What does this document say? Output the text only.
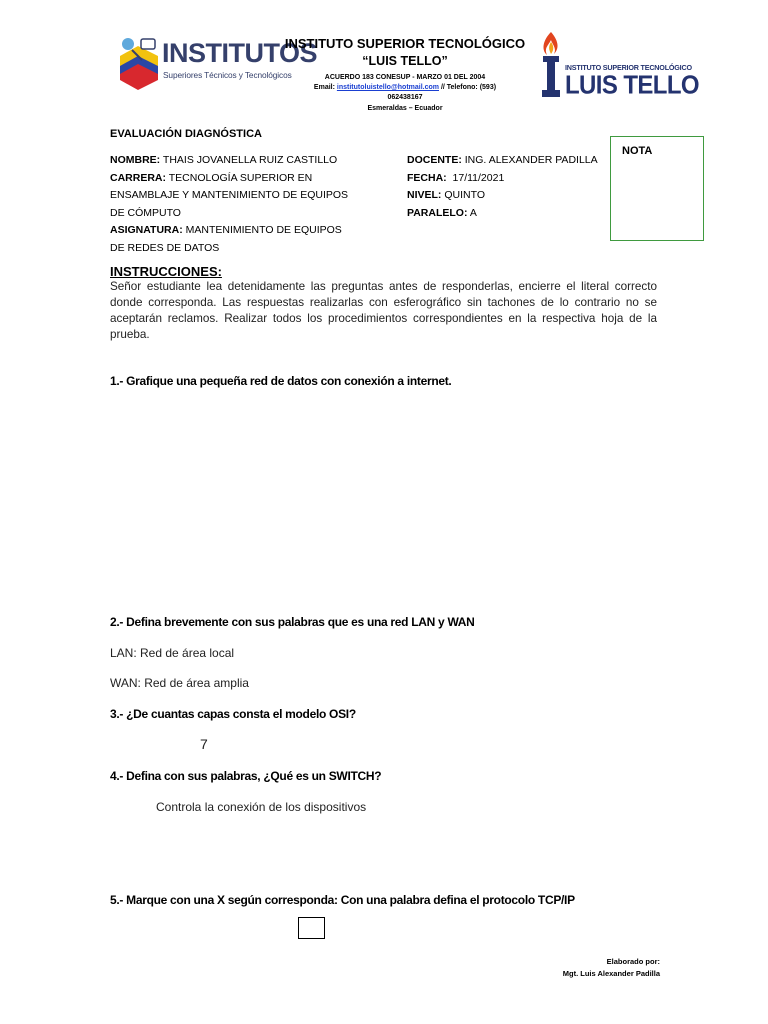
INSTITUTOS
Superiores Técnicos y Tecnológicos
INSTITUTO SUPERIOR TECNOLÓGICO
“LUIS TELLO”
ACUERDO 183 CONESUP - MARZO 01 DEL 2004
Email: institutoluistello@hotmail.com // Telefono: (593)
062438167
Esmeraldas – Ecuador
INSTITUTO SUPERIOR TECNOLÓGICO
LUIS TELLO
EVALUACIÓN DIAGNÓSTICA
NOMBRE: THAIS JOVANELLA RUIZ CASTILLO
CARRERA: TECNOLOGÍA SUPERIOR EN
ENSAMBLAJE Y MANTENIMIENTO DE EQUIPOS
DE CÓMPUTO
ASIGNATURA: MANTENIMIENTO DE EQUIPOS
DE REDES DE DATOS
DOCENTE: ING. ALEXANDER PADILLA
FECHA: 17/11/2021
NIVEL: QUINTO
PARALELO: A
NOTA
INSTRUCCIONES:
Señor estudiante lea detenidamente las preguntas antes de responderlas, encierre el literal correcto donde corresponda. Las respuestas realizarlas con esferográfico sin tachones de lo contrario no se aceptarán reclamos. Realizar todos los procedimientos correspondientes en la respectiva hoja de la prueba.
1.- Grafique una pequeña red de datos con conexión a internet.
2.- Defina brevemente con sus palabras que es una red LAN y WAN
LAN: Red de área local
WAN: Red de área amplia
3.- ¿De cuantas capas consta el modelo OSI?
7
4.- Defina con sus palabras, ¿Qué es un SWITCH?
Controla la conexión de los dispositivos
5.- Marque con una X según corresponda: Con una palabra defina el protocolo TCP/IP
Elaborado por:
Mgt. Luis Alexander Padilla
